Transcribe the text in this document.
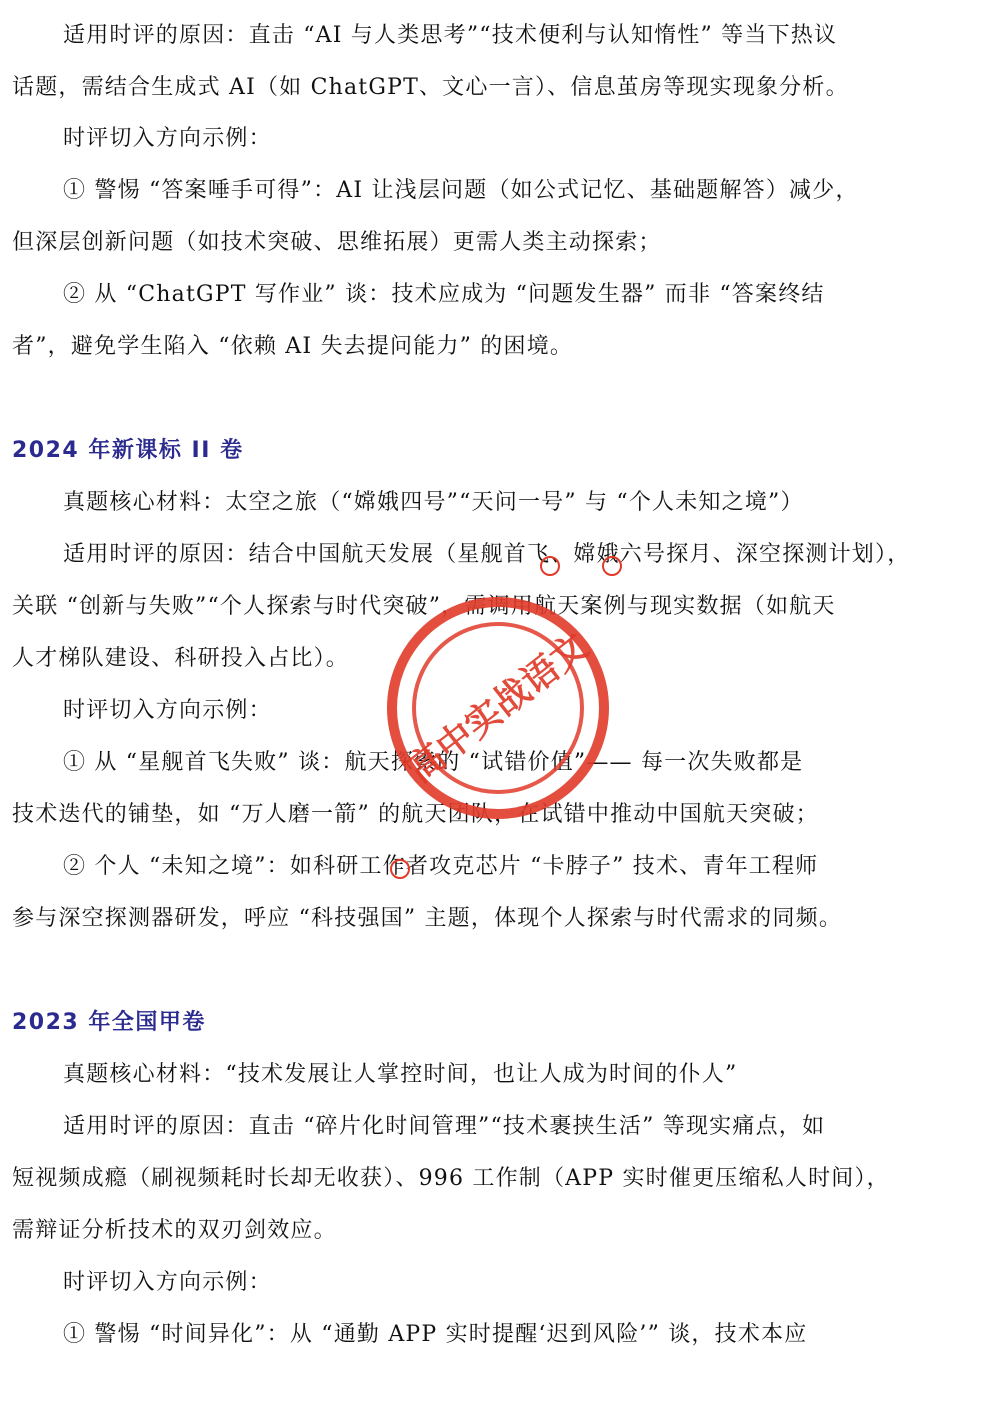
适用时评的原因：直击 “AI 与人类思考”“技术便利与认知惰性” 等当下热议
话题，需结合生成式 AI（如 ChatGPT、文心一言）、信息茧房等现实现象分析。
时评切入方向示例：
① 警惕 “答案唾手可得”：AI 让浅层问题（如公式记忆、基础题解答）减少，
但深层创新问题（如技术突破、思维拓展）更需人类主动探索；
② 从 “ChatGPT 写作业” 谈：技术应成为 “问题发生器” 而非 “答案终结
者”，避免学生陷入 “依赖 AI 失去提问能力” 的困境。
2024 年新课标 II 卷
真题核心材料：太空之旅（“嫦娥四号”“天问一号” 与 “个人未知之境”）
适用时评的原因：结合中国航天发展（星舰首飞、嫦娥六号探月、深空探测计划），
关联 “创新与失败”“个人探索与时代突破”，需调用航天案例与现实数据（如航天
人才梯队建设、科研投入占比）。
时评切入方向示例：
① 从 “星舰首飞失败” 谈：航天探索的 “试错价值”—— 每一次失败都是
技术迭代的铺垫，如 “万人磨一箭” 的航天团队，在试错中推动中国航天突破；
② 个人 “未知之境”：如科研工作者攻克芯片 “卡脖子” 技术、青年工程师
参与深空探测器研发，呼应 “科技强国” 主题，体现个人探索与时代需求的同频。
2023 年全国甲卷
真题核心材料：“技术发展让人掌控时间，也让人成为时间的仆人”
适用时评的原因：直击 “碎片化时间管理”“技术裹挟生活” 等现实痛点，如
短视频成瘾（刷视频耗时长却无收获）、996 工作制（APP 实时催更压缩私人时间），
需辩证分析技术的双刃剑效应。
时评切入方向示例：
① 警惕 “时间异化”：从 “通勤 APP 实时提醒‘迟到风险’” 谈，技术本应
高中实战语文
